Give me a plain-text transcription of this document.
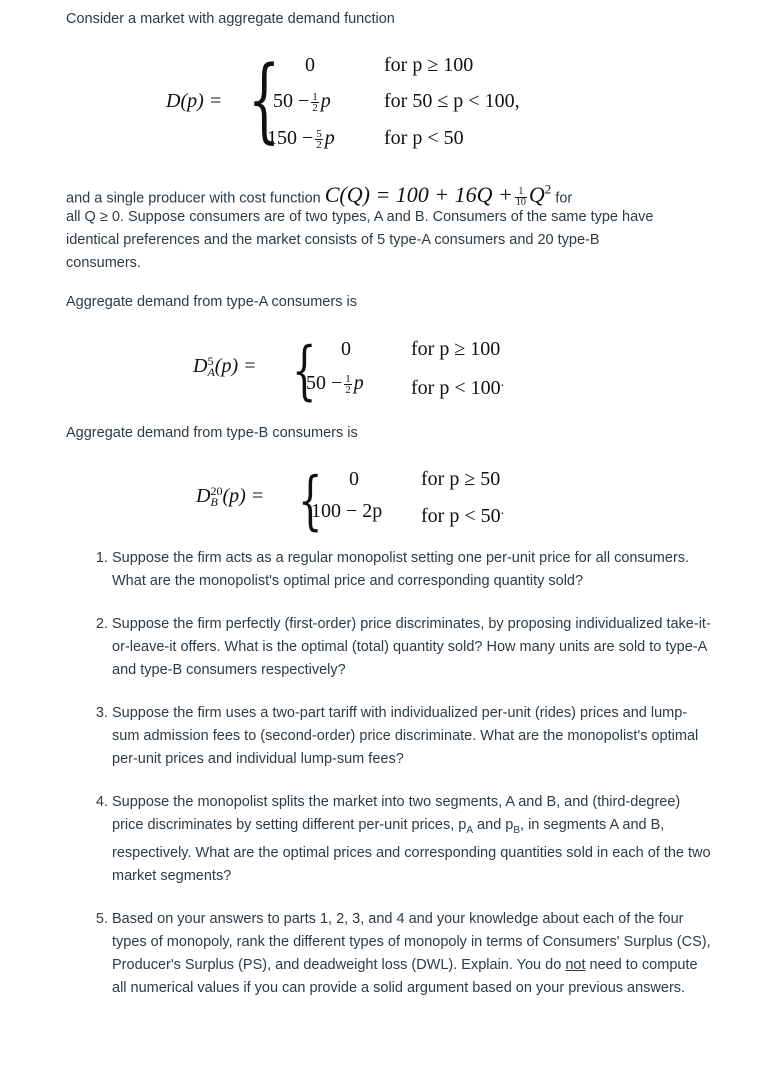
Consider a market with aggregate demand function
D(p) = { 0	for p ≥ 100
$50 - \frac{1}{2}$ p	for 50 ≤ p < 100,
$150 - \frac{5}{2}$ p for p < 50
and a single producer with cost function $C(Q) = 100 + 16Q + \frac{1}{10} Q^2$ for
all Q ≥ 0. Suppose consumers are of two types, A and B. Consumers of the same type have identical preferences and the market consists of 5 type-A consumers and 20 type-B consumers.
Aggregate demand from type-A consumers is
D 5
A (p) = { 0	for p ≥ 100
$50 - \frac{1}{2}$ p for p < 100.
Aggregate demand from type-B consumers is
D 20
B (p) = { 0	for p ≥ 50
100 − 2p for p < 50.
1. Suppose the firm acts as a regular monopolist setting one per-unit price for all consumers. What are the monopolist's optimal price and corresponding quantity sold?
2. Suppose the firm perfectly (first-order) price discriminates, by proposing individualized take-it-or-leave-it offers. What is the optimal (total) quantity sold? How many units are sold to type-A and type-B consumers respectively?
3. Suppose the firm uses a two-part tariff with individualized per-unit (rides) prices and lump-sum admission fees to (second-order) price discriminate. What are the monopolist's optimal per-unit prices and individual lump-sum fees?
4. Suppose the monopolist splits the market into two segments, A and B, and (third-degree) price discriminates by setting different per-unit prices, $p_A$ and $p_B$, in segments A and B, respectively. What are the optimal prices and corresponding quantities sold in each of the two market segments?
5. Based on your answers to parts 1, 2, 3, and 4 and your knowledge about each of the four types of monopoly, rank the different types of monopoly in terms of Consumers' Surplus (CS), Producer's Surplus (PS), and deadweight loss (DWL). Explain. You do not need to compute all numerical values if you can provide a solid argument based on your previous answers.
